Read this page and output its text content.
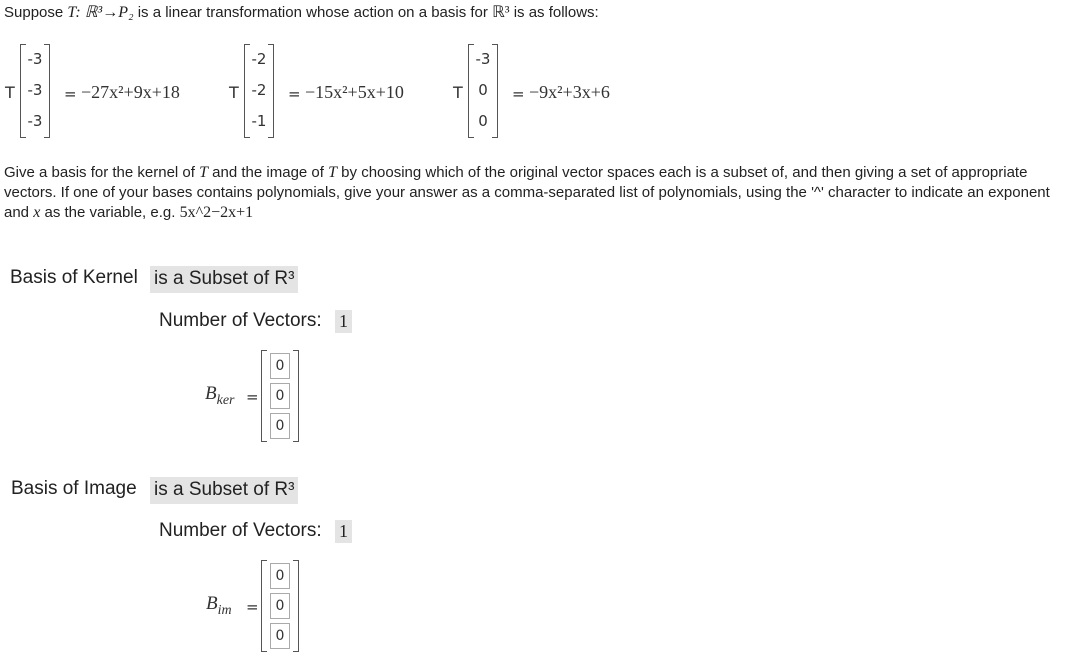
Suppose T: ℝ³→P₂ is a linear transformation whose action on a basis for ℝ³ is as follows:
T
-3
-3
-3
= −27x²+9x+18	T
-2
-2
-1
= −15x²+5x+10	T
-3
0
0
= −9x²+3x+6
Give a basis for the kernel of T and the image of T by choosing which of the original vector spaces each is a subset of, and then giving a set of appropriate vectors. If one of your bases contains polynomials, give your answer as a comma-separated list of polynomials, using the '^' character to indicate an exponent and x as the variable, e.g. 5x^2−2x+1
Basis of Kernel is a Subset of R³
Number of Vectors: 1
$B_{ker}$ =
0
0
0
Basis of Image is a Subset of R³
Number of Vectors: 1
$B_{im}$ =
0
0
0
